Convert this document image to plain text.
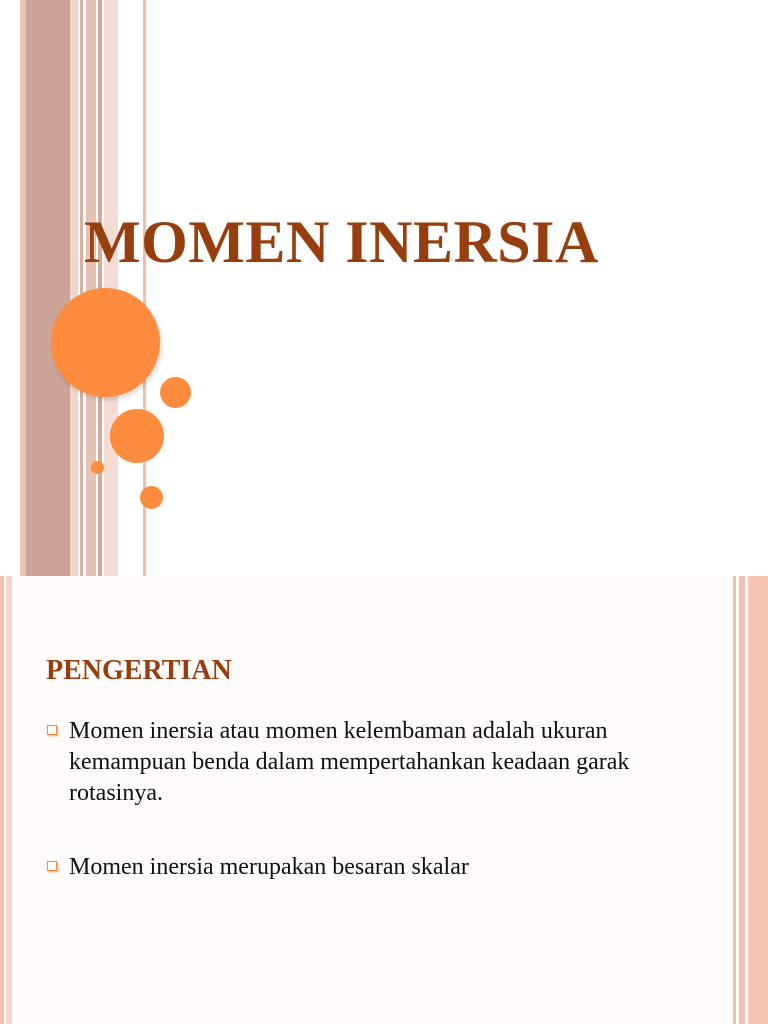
MOMEN INERSIA
PENGERTIAN
Momen inersia atau momen kelembaman adalah ukuran kemampuan benda dalam mempertahankan keadaan garak rotasinya.
Momen inersia merupakan besaran skalar
